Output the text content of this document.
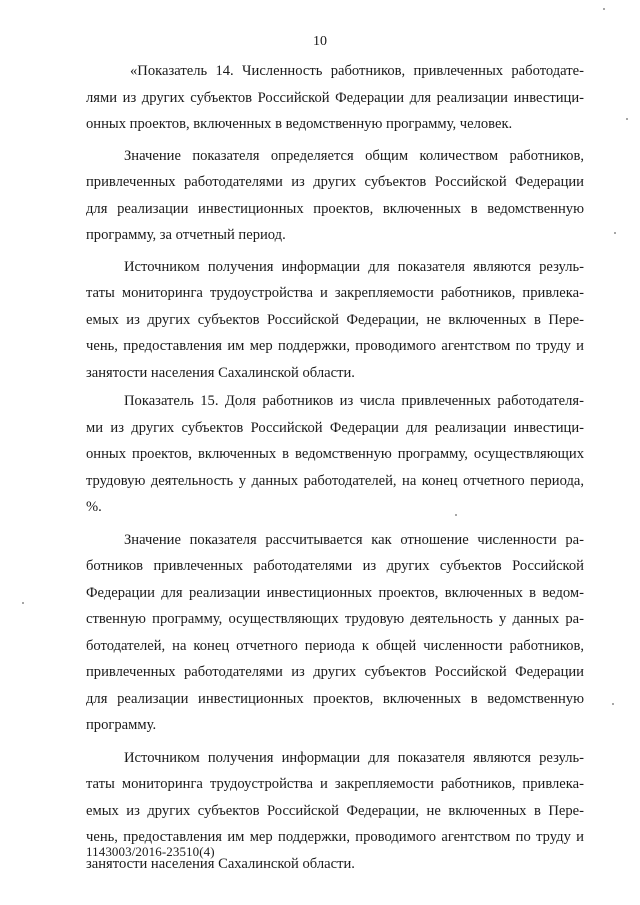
10
«Показатель 14. Численность работников, привлеченных работодате-
лями из других субъектов Российской Федерации для реализации инвестици-
онных проектов, включенных в ведомственную программу, человек.
Значение показателя определяется общим количеством работников,
привлеченных работодателями из других субъектов Российской Федерации
для реализации инвестиционных проектов, включенных в ведомственную
программу, за отчетный период.
Источником получения информации для показателя являются резуль-
таты мониторинга трудоустройства и закрепляемости работников, привлека-
емых из других субъектов Российской Федерации, не включенных в Пере-
чень, предоставления им мер поддержки, проводимого агентством по труду и
занятости населения Сахалинской области.
Показатель 15. Доля работников из числа привлеченных работодателя-
ми из других субъектов Российской Федерации для реализации инвестици-
онных проектов, включенных в ведомственную программу, осуществляющих
трудовую деятельность у данных работодателей, на конец отчетного периода,
%.
Значение показателя рассчитывается как отношение численности ра-
ботников привлеченных работодателями из других субъектов Российской
Федерации для реализации инвестиционных проектов, включенных в ведом-
ственную программу, осуществляющих трудовую деятельность у данных ра-
ботодателей, на конец отчетного периода к общей численности работников,
привлеченных работодателями из других субъектов Российской Федерации
для реализации инвестиционных проектов, включенных в ведомственную
программу.
Источником получения информации для показателя являются резуль-
таты мониторинга трудоустройства и закрепляемости работников, привлека-
емых из других субъектов Российской Федерации, не включенных в Пере-
чень, предоставления им мер поддержки, проводимого агентством по труду и
занятости населения Сахалинской области.
1143003/2016-23510(4)
